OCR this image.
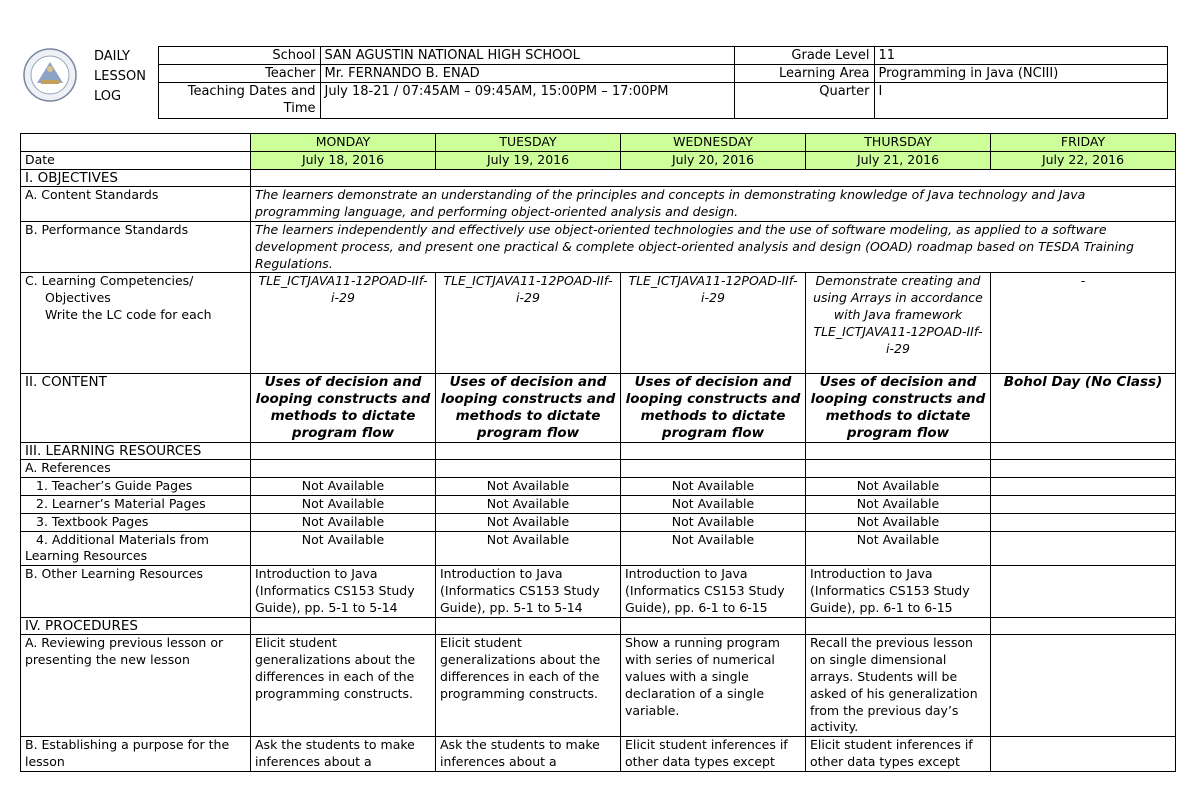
	DAILY LESSON LOG	School	SAN AGUSTIN NATIONAL HIGH SCHOOL	Grade Level	11
		Teacher	Mr. FERNANDO B. ENAD	Learning Area	Programming in Java (NCIII)
		Teaching Dates and Time	July 18-21 / 07:45AM – 09:45AM, 15:00PM – 17:00PM	Quarter	I
	MONDAY	TUESDAY	WEDNESDAY	THURSDAY	FRIDAY
Date	July 18, 2016	July 19, 2016	July 20, 2016	July 21, 2016	July 22, 2016
I. OBJECTIVES					
A. Content Standards	The learners demonstrate an understanding of the principles and concepts in demonstrating knowledge of Java technology and Java programming language, and performing object-oriented analysis and design.				
B. Performance Standards	The learners independently and effectively use object-oriented technologies and the use of software modeling, as applied to a software development process, and present one practical & complete object-oriented analysis and design (OOAD) roadmap based on TESDA Training Regulations.				

C. Learning Competencies/
Objectives
Write the LC code for each	TLE_ICTJAVA11-12POAD-IIf-i-29	TLE_ICTJAVA11-12POAD-IIf-i-29	TLE_ICTJAVA11-12POAD-IIf-i-29	Demonstrate creating and using Arrays in accordance with Java framework TLE_ICTJAVA11-12POAD-IIf-i-29	-
II. CONTENT	Uses of decision and looping constructs and methods to dictate program flow	Uses of decision and looping constructs and methods to dictate program flow	Uses of decision and looping constructs and methods to dictate program flow	Uses of decision and looping constructs and methods to dictate program flow	Bohol Day (No Class)
III. LEARNING RESOURCES					
A. References					
1. Teacher’s Guide Pages	Not Available	Not Available	Not Available	Not Available	
2. Learner’s Material Pages	Not Available	Not Available	Not Available	Not Available	
3. Textbook Pages	Not Available	Not Available	Not Available	Not Available	
4. Additional Materials from Learning Resources	Not Available	Not Available	Not Available	Not Available	
B. Other Learning Resources	Introduction to Java (Informatics CS153 Study Guide), pp. 5-1 to 5-14	Introduction to Java (Informatics CS153 Study Guide), pp. 5-1 to 5-14	Introduction to Java (Informatics CS153 Study Guide), pp. 6-1 to 6-15	Introduction to Java (Informatics CS153 Study Guide), pp. 6-1 to 6-15	
IV. PROCEDURES					
A. Reviewing previous lesson or presenting the new lesson	Elicit student generalizations about the differences in each of the programming constructs.	Elicit student generalizations about the differences in each of the programming constructs.	Show a running program with series of numerical values with a single declaration of a single variable.	Recall the previous lesson on single dimensional arrays. Students will be asked of his generalization from the previous day’s activity.	
B. Establishing a purpose for the lesson	Ask the students to make inferences about a	Ask the students to make inferences about a	Elicit student inferences if other data types except	Elicit student inferences if other data types except	
